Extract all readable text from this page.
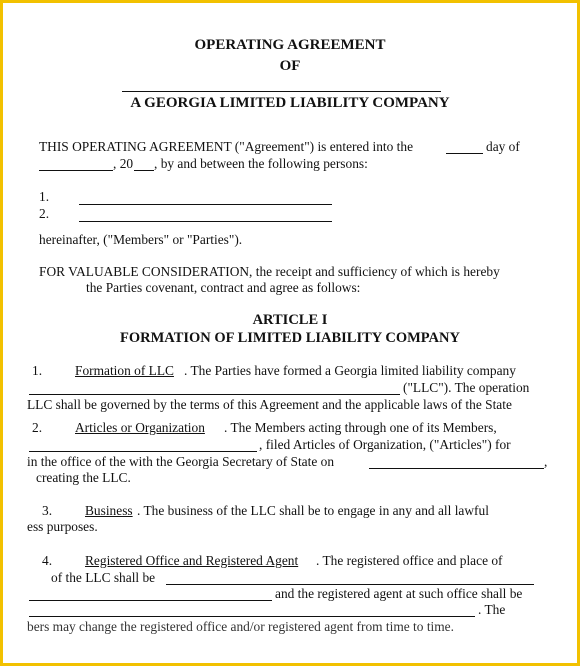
OPERATING AGREEMENT
OF
A GEORGIA LIMITED LIABILITY COMPANY
THIS OPERATING AGREEMENT ("Agreement") is entered into the	day of
, 20 , by and between the following persons:
1.
2.
hereinafter, ("Members" or "Parties").
FOR VALUABLE CONSIDERATION, the receipt and sufficiency of which is hereby
the Parties covenant, contract and agree as follows:
ARTICLE I
FORMATION OF LIMITED LIABILITY COMPANY
1. Formation of LLC . The Parties have formed a Georgia limited liability company
("LLC"). The operation
LLC shall be governed by the terms of this Agreement and the applicable laws of the State
2. Articles or Organization . The Members acting through one of its Members,
, filed Articles of Organization, ("Articles") for
in the office of the with the Georgia Secretary of State on	,
creating the LLC.
3. Business . The business of the LLC shall be to engage in any and all lawful
ess purposes.
4. Registered Office and Registered Agent . The registered office and place of
of the LLC shall be
and the registered agent at such office shall be
. The
bers may change the registered office and/or registered agent from time to time.
